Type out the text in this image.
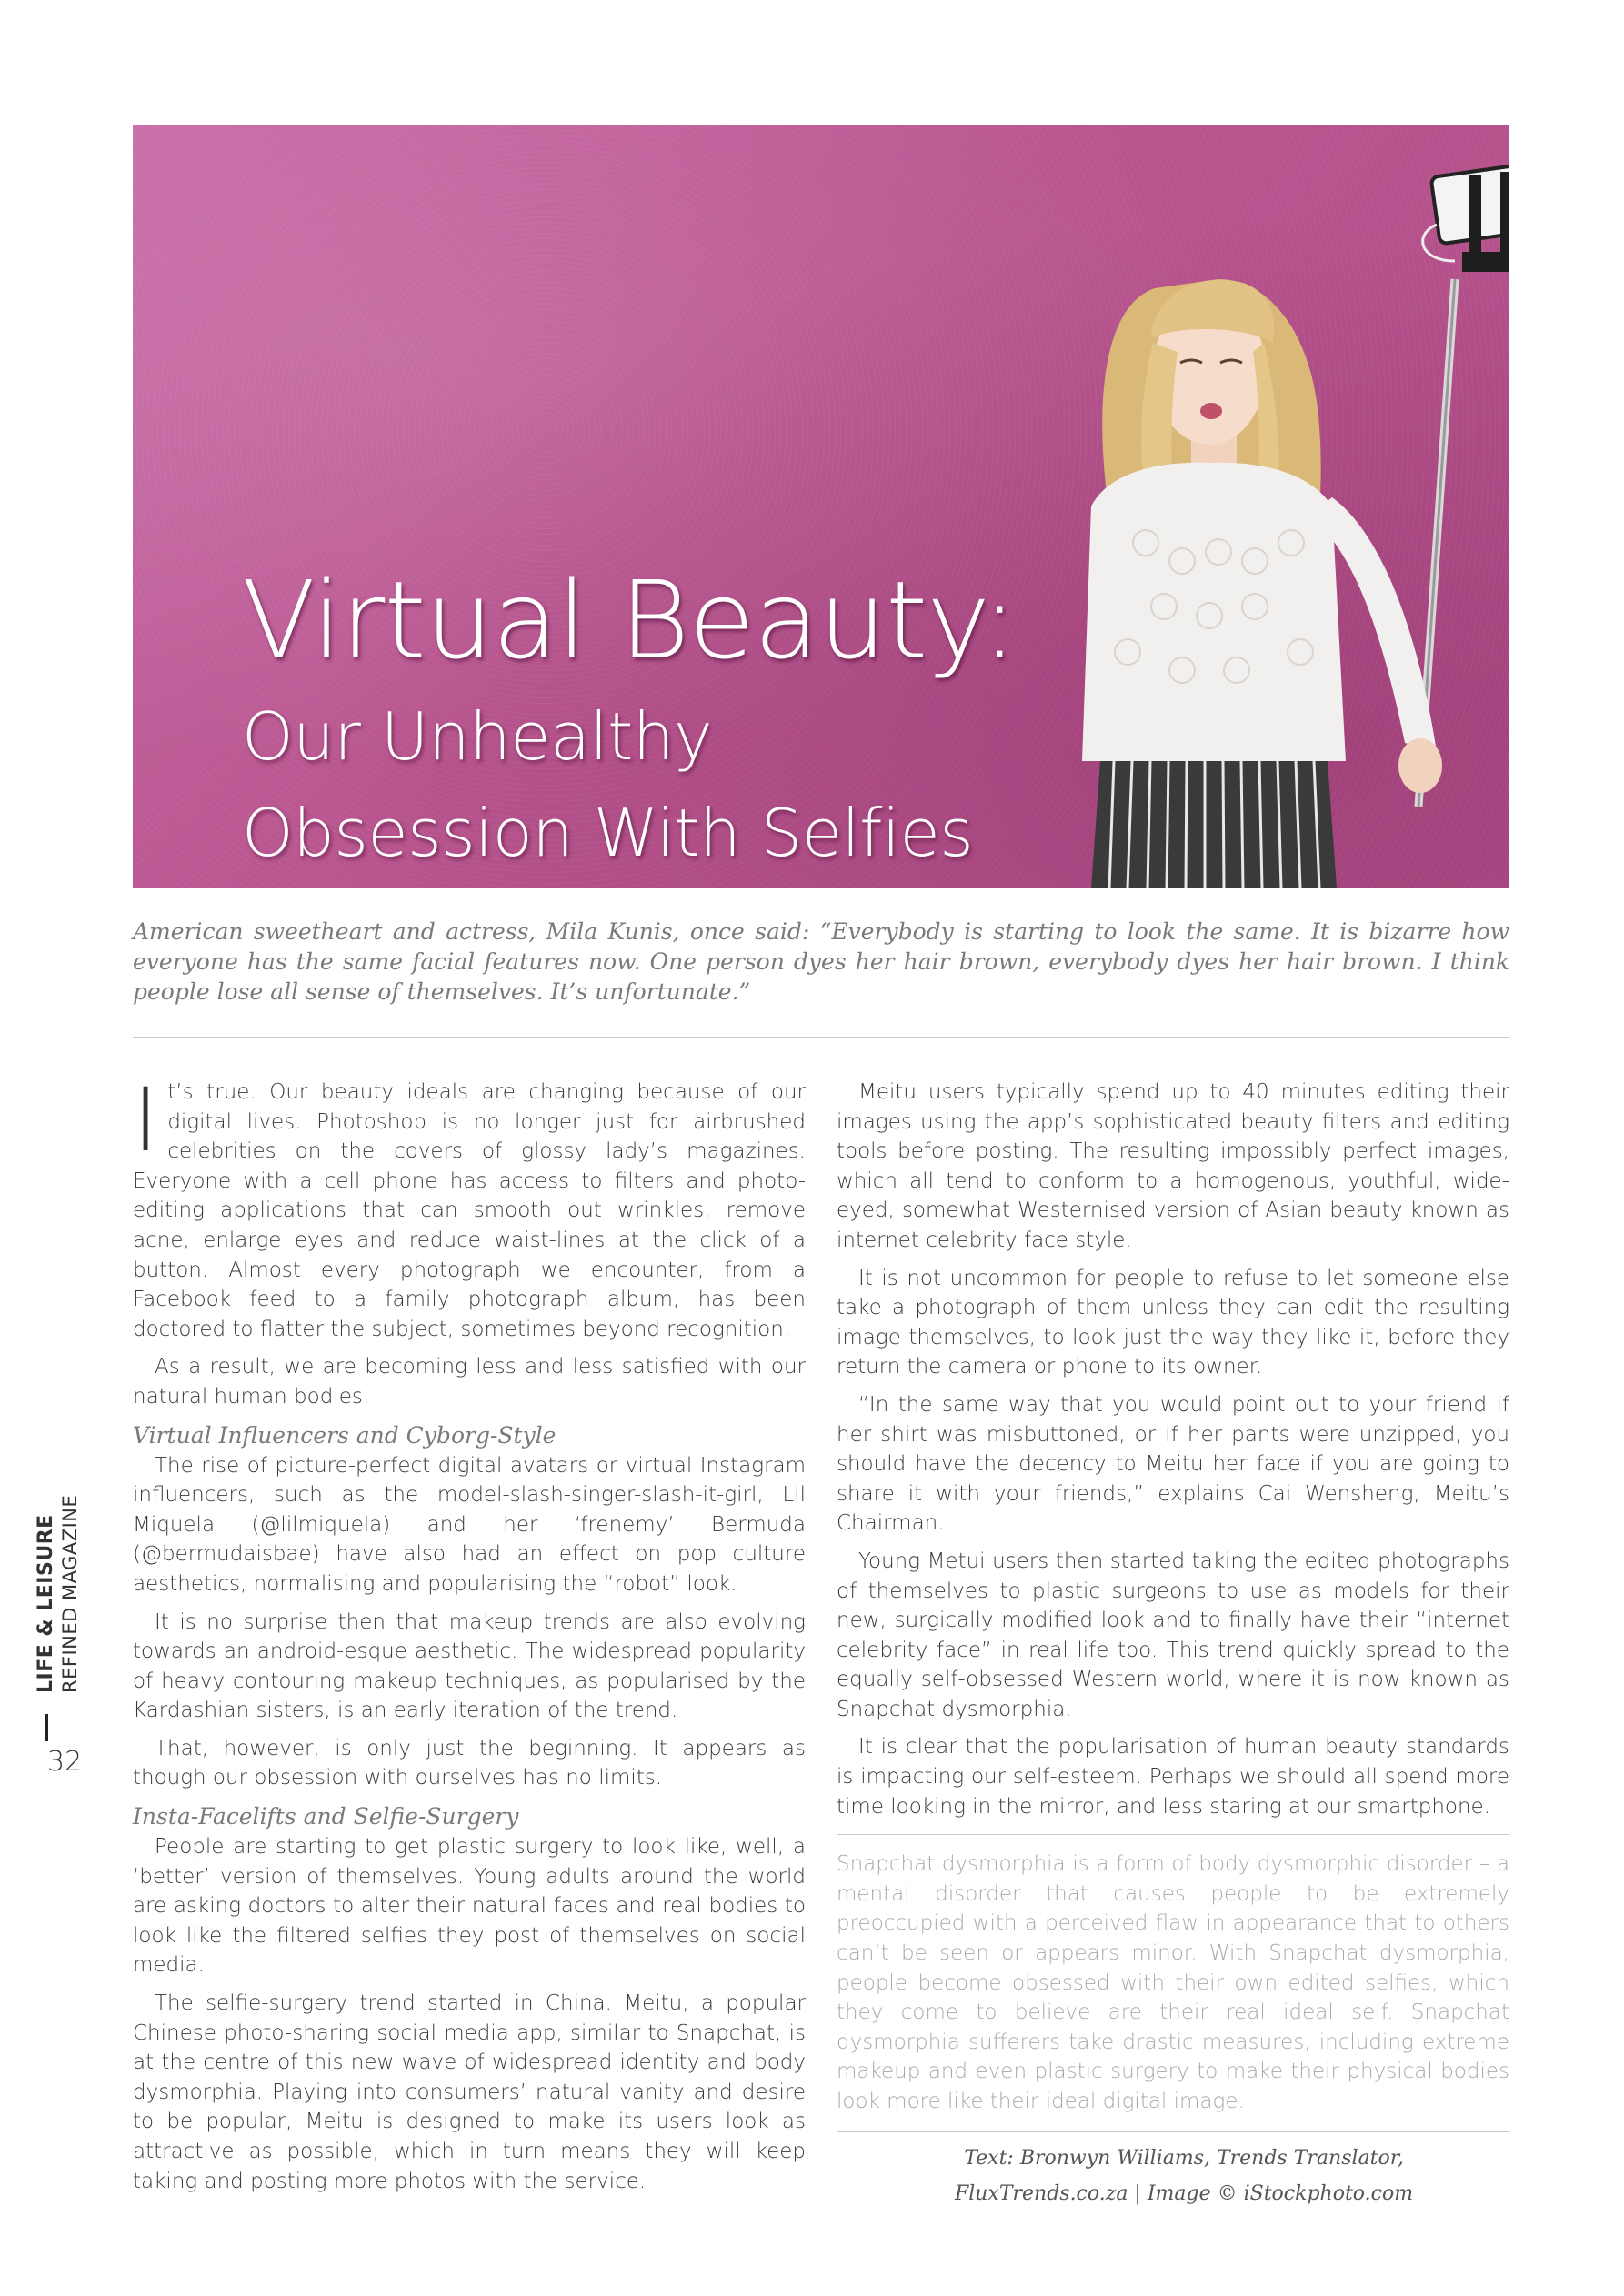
Virtual Beauty:
Our Unhealthy
Obsession With Selfies

American sweetheart and actress, Mila Kunis, once said: “Everybody is starting to look the same. It is bizarre how everyone has the same facial features now. One person dyes her hair brown, everybody dyes her hair brown. I think people lose all sense of themselves. It’s unfortunate.”

It’s true. Our beauty ideals are changing because of our digital lives. Photoshop is no longer just for airbrushed celebrities on the covers of glossy lady’s magazines. Everyone with a cell phone has access to filters and photo-editing applications that can smooth out wrinkles, remove acne, enlarge eyes and reduce waist-lines at the click of a button. Almost every photograph we encounter, from a Facebook feed to a family photograph album, has been doctored to flatter the subject, sometimes beyond recognition.

As a result, we are becoming less and less satisfied with our natural human bodies.

Virtual Influencers and Cyborg-Style

The rise of picture-perfect digital avatars or virtual Instagram influencers, such as the model-slash-singer-slash-it-girl, Lil Miquela (@lilmiquela) and her ‘frenemy’ Bermuda (@bermudaisbae) have also had an effect on pop culture aesthetics, normalising and popularising the “robot” look.

It is no surprise then that makeup trends are also evolving towards an android-esque aesthetic. The widespread popularity of heavy contouring makeup techniques, as popularised by the Kardashian sisters, is an early iteration of the trend.

That, however, is only just the beginning. It appears as though our obsession with ourselves has no limits.

Insta-Facelifts and Selfie-Surgery

People are starting to get plastic surgery to look like, well, a ‘better’ version of themselves. Young adults around the world are asking doctors to alter their natural faces and real bodies to look like the filtered selfies they post of themselves on social media.

The selfie-surgery trend started in China. Meitu, a popular Chinese photo-sharing social media app, similar to Snapchat, is at the centre of this new wave of widespread identity and body dysmorphia. Playing into consumers’ natural vanity and desire to be popular, Meitu is designed to make its users look as attractive as possible, which in turn means they will keep taking and posting more photos with the service.

Meitu users typically spend up to 40 minutes editing their images using the app’s sophisticated beauty filters and editing tools before posting. The resulting impossibly perfect images, which all tend to conform to a homogenous, youthful, wide-eyed, somewhat Westernised version of Asian beauty known as internet celebrity face style.

It is not uncommon for people to refuse to let someone else take a photograph of them unless they can edit the resulting image themselves, to look just the way they like it, before they return the camera or phone to its owner.

“In the same way that you would point out to your friend if her shirt was misbuttoned, or if her pants were unzipped, you should have the decency to Meitu her face if you are going to share it with your friends,” explains Cai Wensheng, Meitu’s Chairman.

Young Metui users then started taking the edited photographs of themselves to plastic surgeons to use as models for their new, surgically modified look and to finally have their “internet celebrity face” in real life too. This trend quickly spread to the equally self-obsessed Western world, where it is now known as Snapchat dysmorphia.

It is clear that the popularisation of human beauty standards is impacting our self-esteem. Perhaps we should all spend more time looking in the mirror, and less staring at our smartphone.

Snapchat dysmorphia is a form of body dysmorphic disorder – a mental disorder that causes people to be extremely preoccupied with a perceived flaw in appearance that to others can’t be seen or appears minor. With Snapchat dysmorphia, people become obsessed with their own edited selfies, which they come to believe are their real ideal self. Snapchat dysmorphia sufferers take drastic measures, including extreme makeup and even plastic surgery to make their physical bodies look more like their ideal digital image.

Text: Bronwyn Williams, Trends Translator,

FluxTrends.co.za | Image © iStockphoto.com

LIFE & LEISURE REFINED MAGAZINE
32
